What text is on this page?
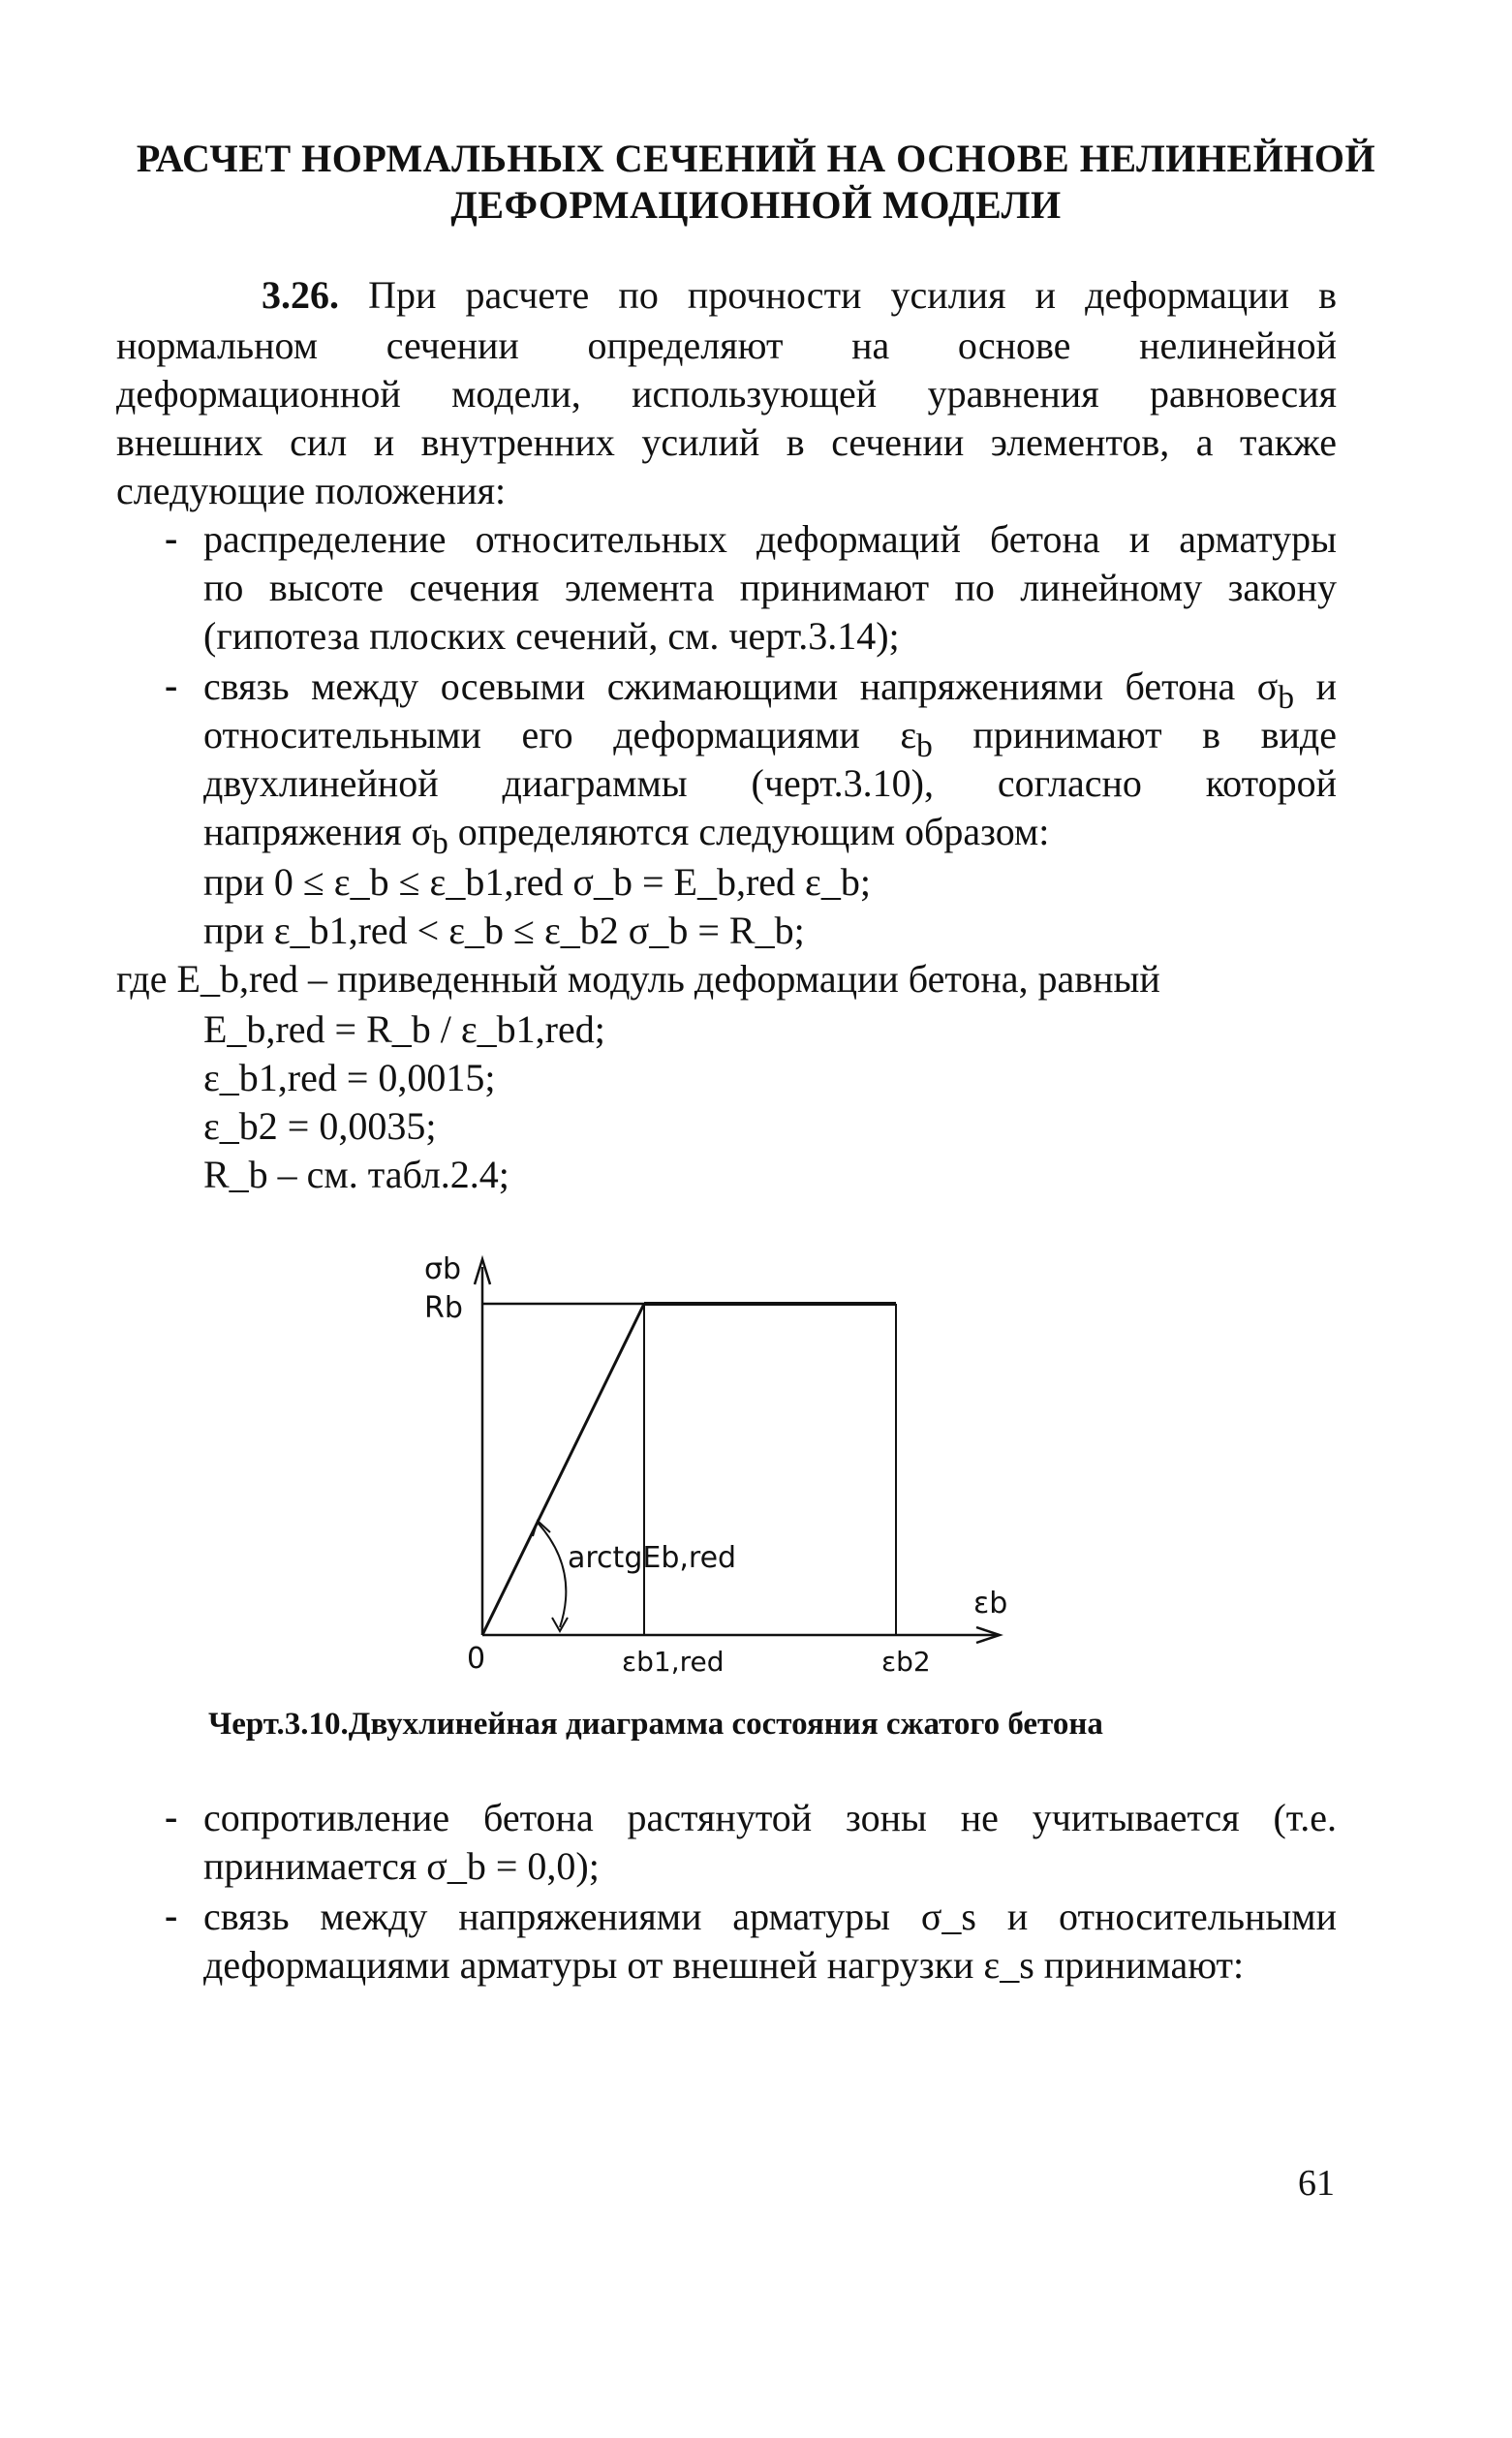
РАСЧЕТ НОРМАЛЬНЫХ СЕЧЕНИЙ НА ОСНОВЕ НЕЛИНЕЙНОЙ
ДЕФОРМАЦИОННОЙ МОДЕЛИ
3.26. При расчете по прочности усилия и деформации в
нормальном сечении определяют на основе нелинейной
деформационной модели, использующей уравнения равновесия
внешних сил и внутренних усилий в сечении элементов, а также
следующие положения:
- распределение относительных деформаций бетона и арматуры
по высоте сечения элемента принимают по линейному закону
(гипотеза плоских сечений, см. черт.3.14);
- связь между осевыми сжимающими напряжениями бетона $\sigma_b$ и
относительными его деформациями $\varepsilon_b$ принимают в виде
двухлинейной диаграммы (черт.3.10), согласно которой
напряжения $\sigma_b$ определяются следующим образом:
при 0 ≤ ε_b ≤ ε_b1,red σ_b = E_b,red ε_b;
при ε_b1,red < ε_b ≤ ε_b2 σ_b = R_b;
где E_b,red – приведенный модуль деформации бетона, равный
E_b,red = R_b / ε_b1,red;
ε_b1,red = 0,0015;
ε_b2 = 0,0035;
R_b – см. табл.2.4;
σb
Rb
arctgEb,red
εb
0	εb1,red	εb2
Черт.3.10.Двухлинейная диаграмма состояния сжатого бетона
- сопротивление бетона растянутой зоны не учитывается (т.е.
принимается σ_b = 0,0);
- связь между напряжениями арматуры σ_s и относительными
деформациями арматуры от внешней нагрузки ε_s принимают:
61
